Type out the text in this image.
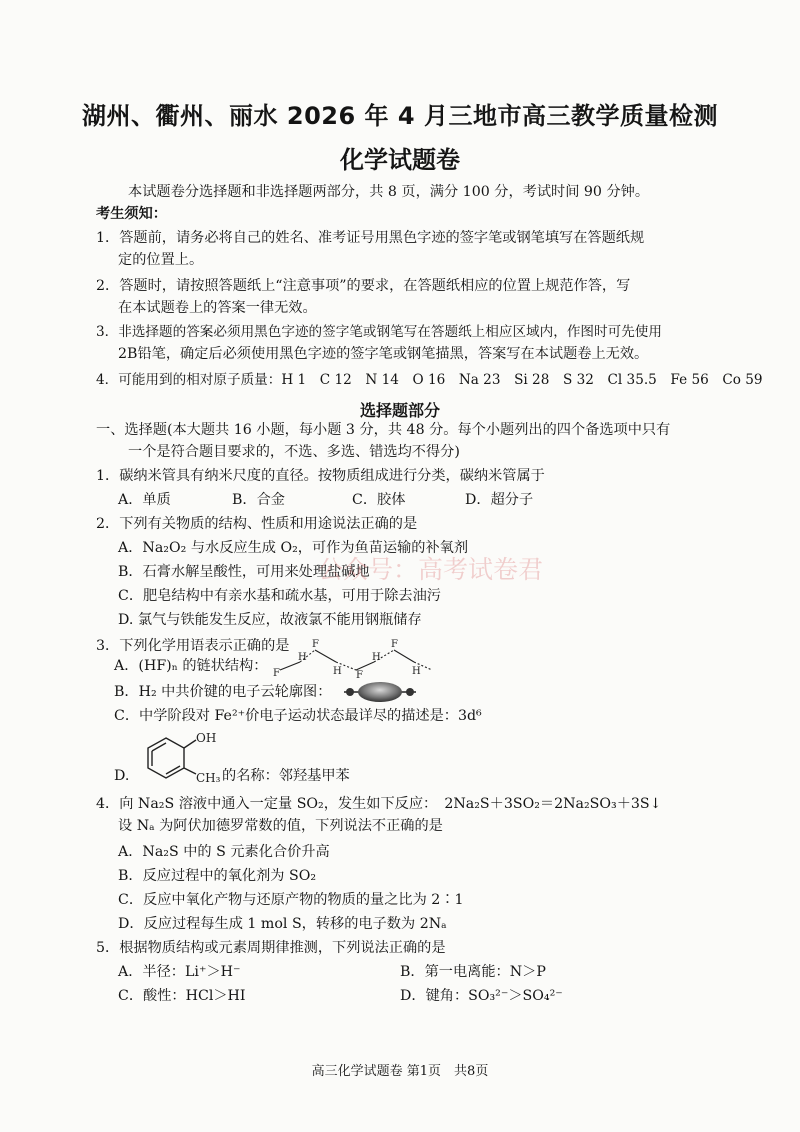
湖州、衢州、丽水 2026 年 4 月三地市高三教学质量检测
化学试题卷
本试题卷分选择题和非选择题两部分，共 8 页，满分 100 分，考试时间 90 分钟。
考生须知：
1．答题前，请务必将自己的姓名、准考证号用黑色字迹的签字笔或钢笔填写在答题纸规
定的位置上。
2．答题时，请按照答题纸上“注意事项”的要求，在答题纸相应的位置上规范作答，写
在本试题卷上的答案一律无效。
3．非选择题的答案必须用黑色字迹的签字笔或钢笔写在答题纸上相应区域内，作图时可先使用
2B铅笔，确定后必须使用黑色字迹的签字笔或钢笔描黑，答案写在本试题卷上无效。
4．可能用到的相对原子质量：H 1　C 12　N 14　O 16　Na 23　Si 28　S 32　Cl 35.5　Fe 56　Co 59
选择题部分
一、选择题(本大题共 16 小题，每小题 3 分，共 48 分。每个小题列出的四个备选项中只有
一个是符合题目要求的，不选、多选、错选均不得分)
1．碳纳米管具有纳米尺度的直径。按物质组成进行分类，碳纳米管属于
A．单质	B．合金	C．胶体	D．超分子
2．下列有关物质的结构、性质和用途说法正确的是
A．Na₂O₂ 与水反应生成 O₂，可作为鱼苗运输的补氧剂
B．石膏水解呈酸性，可用来处理盐碱地
C．肥皂结构中有亲水基和疏水基，可用于除去油污
D. 氯气与铁能发生反应，故液氯不能用钢瓶储存
公众号：高考试卷君
3．下列化学用语表示正确的是
A．(HF)ₙ 的链状结构： F
H
F
H F
H
F
H
B．H₂ 中共价键的电子云轮廓图：
C．中学阶段对 Fe²⁺价电子运动状态最详尽的描述是：3d⁶
D.
OH
CH₃ 的名称：邻羟基甲苯
4．向 Na₂S 溶液中通入一定量 SO₂，发生如下反应：　2Na₂S＋3SO₂＝2Na₂SO₃＋3S↓
设 Nₐ 为阿伏加德罗常数的值，下列说法不正确的是
A．Na₂S 中的 S 元素化合价升高
B．反应过程中的氧化剂为 SO₂
C．反应中氧化产物与还原产物的物质的量之比为 2∶1
D．反应过程每生成 1 mol S，转移的电子数为 2Nₐ
5．根据物质结构或元素周期律推测，下列说法正确的是
A．半径：Li⁺＞H⁻	B．第一电离能：N＞P
C．酸性：HCl＞HI	D．键角：SO₃²⁻＞SO₄²⁻
高三化学试题卷 第1页　共8页
